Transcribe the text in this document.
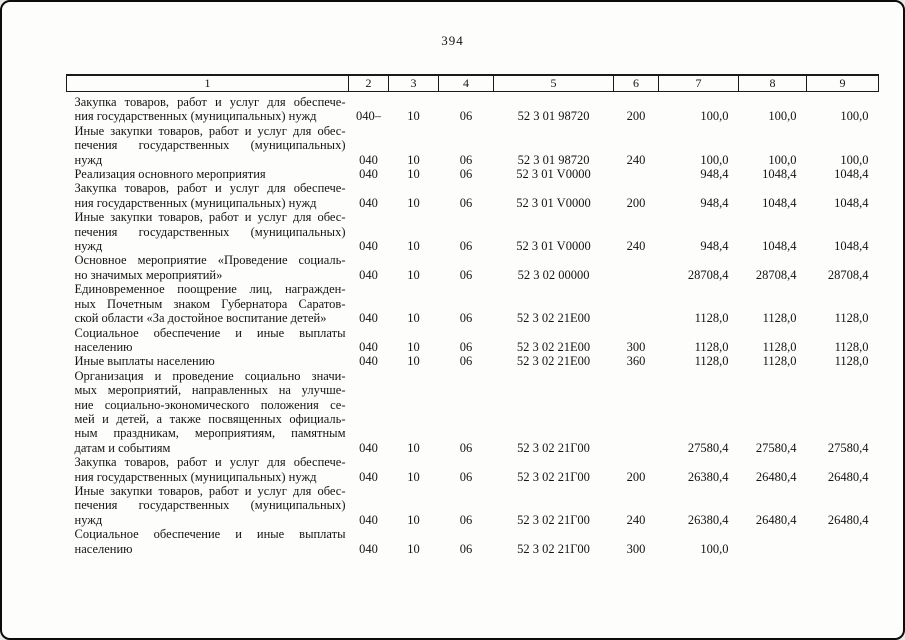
394
1	2	3	4	5	6	7	8	9

Закупка товаров, работ и услуг для обеспече-
ния государственных (муниципальных) нужд	040–	10	06	52 3 01 98720	200	100,0	100,0	100,0

Иные закупки товаров, работ и услуг для обес-
печения государственных (муниципальных)
нужд	040	10	06	52 3 01 98720	240	100,0	100,0	100,0

Реализация основного мероприятия	040	10	06	52 3 01 V0000		948,4	1048,4	1048,4

Закупка товаров, работ и услуг для обеспече-
ния государственных (муниципальных) нужд	040	10	06	52 3 01 V0000	200	948,4	1048,4	1048,4

Иные закупки товаров, работ и услуг для обес-
печения государственных (муниципальных)
нужд	040	10	06	52 3 01 V0000	240	948,4	1048,4	1048,4

Основное мероприятие «Проведение социаль-
но значимых мероприятий»	040	10	06	52 3 02 00000		28708,4	28708,4	28708,4

Единовременное поощрение лиц, награжден-
ных Почетным знаком Губернатора Саратов-
ской области «За достойное воспитание детей»	040	10	06	52 3 02 21Е00		1128,0	1128,0	1128,0

Социальное обеспечение и иные выплаты
населению	040	10	06	52 3 02 21Е00	300	1128,0	1128,0	1128,0

Иные выплаты населению	040	10	06	52 3 02 21Е00	360	1128,0	1128,0	1128,0

Организация и проведение социально значи-
мых мероприятий, направленных на улучше-
ние социально-экономического положения се-
мей и детей, а также посвященных официаль-
ным праздникам, мероприятиям, памятным
датам и событиям	040	10	06	52 3 02 21Г00		27580,4	27580,4	27580,4

Закупка товаров, работ и услуг для обеспече-
ния государственных (муниципальных) нужд	040	10	06	52 3 02 21Г00	200	26380,4	26480,4	26480,4

Иные закупки товаров, работ и услуг для обес-
печения государственных (муниципальных)
нужд	040	10	06	52 3 02 21Г00	240	26380,4	26480,4	26480,4

Социальное обеспечение и иные выплаты
населению	040	10	06	52 3 02 21Г00	300	100,0		
